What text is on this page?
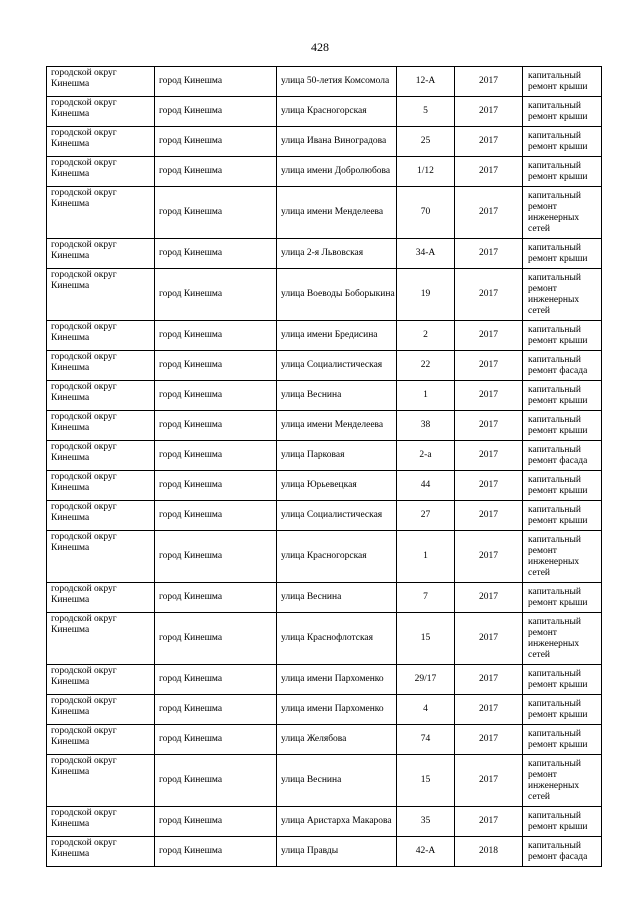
428
городской округ Кинешма	город Кинешма	улица 50-летия Комсомола	12-А	2017	капитальный ремонт крыши
городской округ Кинешма	город Кинешма	улица Красногорская	5	2017	капитальный ремонт крыши
городской округ Кинешма	город Кинешма	улица Ивана Виноградова	25	2017	капитальный ремонт крыши
городской округ Кинешма	город Кинешма	улица имени Добролюбова	1/12	2017	капитальный ремонт крыши
городской округ Кинешма	город Кинешма	улица имени Менделеева	70	2017	капитальный ремонт инженерных сетей
городской округ Кинешма	город Кинешма	улица 2-я Львовская	34-А	2017	капитальный ремонт крыши
городской округ Кинешма	город Кинешма	улица Воеводы Боборыкина	19	2017	капитальный ремонт инженерных сетей
городской округ Кинешма	город Кинешма	улица имени Бредисина	2	2017	капитальный ремонт крыши
городской округ Кинешма	город Кинешма	улица Социалистическая	22	2017	капитальный ремонт фасада
городской округ Кинешма	город Кинешма	улица Веснина	1	2017	капитальный ремонт крыши
городской округ Кинешма	город Кинешма	улица имени Менделеева	38	2017	капитальный ремонт крыши
городской округ Кинешма	город Кинешма	улица Парковая	2-а	2017	капитальный ремонт фасада
городской округ Кинешма	город Кинешма	улица Юрьевецкая	44	2017	капитальный ремонт крыши
городской округ Кинешма	город Кинешма	улица Социалистическая	27	2017	капитальный ремонт крыши
городской округ Кинешма	город Кинешма	улица Красногорская	1	2017	капитальный ремонт инженерных сетей
городской округ Кинешма	город Кинешма	улица Веснина	7	2017	капитальный ремонт крыши
городской округ Кинешма	город Кинешма	улица Краснофлотская	15	2017	капитальный ремонт инженерных сетей
городской округ Кинешма	город Кинешма	улица имени Пархоменко	29/17	2017	капитальный ремонт крыши
городской округ Кинешма	город Кинешма	улица имени Пархоменко	4	2017	капитальный ремонт крыши
городской округ Кинешма	город Кинешма	улица Желябова	74	2017	капитальный ремонт крыши
городской округ Кинешма	город Кинешма	улица Веснина	15	2017	капитальный ремонт инженерных сетей
городской округ Кинешма	город Кинешма	улица Аристарха Макарова	35	2017	капитальный ремонт крыши
городской округ Кинешма	город Кинешма	улица Правды	42-А	2018	капитальный ремонт фасада
